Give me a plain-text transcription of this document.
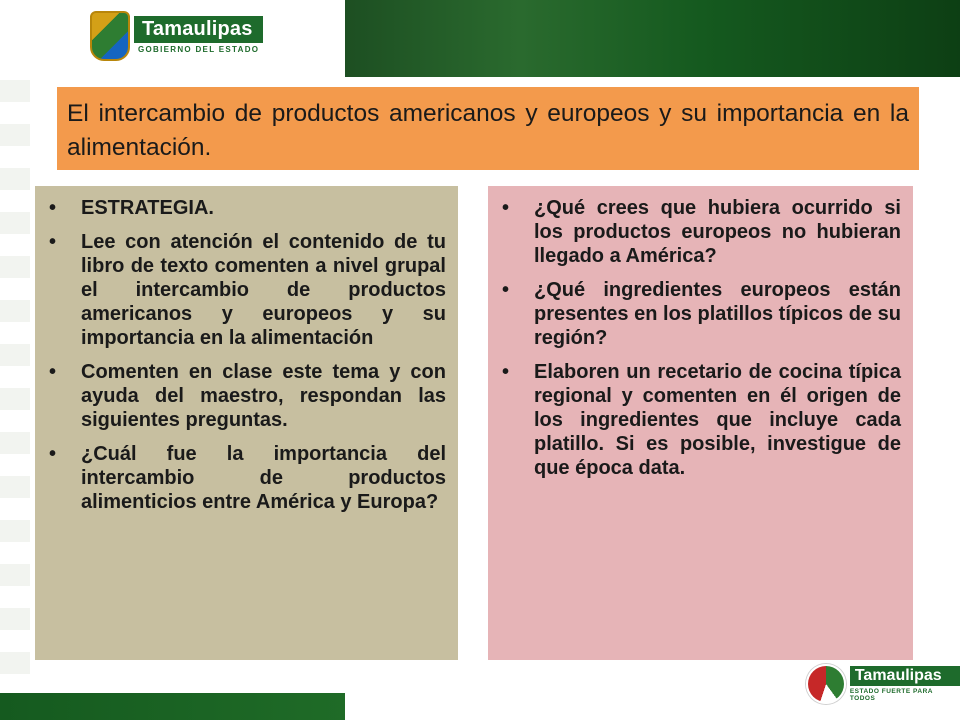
Tamaulipas
GOBIERNO DEL ESTADO

El intercambio de productos americanos y europeos y su importancia en la alimentación.

• ESTRATEGIA.
• Lee con atención el contenido de tu libro de texto comenten a nivel grupal el intercambio de productos americanos y europeos y su importancia en la alimentación
• Comenten en clase este tema y con ayuda del maestro, respondan las siguientes preguntas.
• ¿Cuál fue la importancia del intercambio de productos alimenticios entre América y Europa?
• ¿Qué crees que hubiera ocurrido si los productos europeos no hubieran llegado a América?
• ¿Qué ingredientes europeos están presentes en los platillos típicos de su región?
• Elaboren un recetario de cocina típica regional y comenten en él origen de los ingredientes que incluye cada platillo. Si es posible, investigue de que época data.
Tamaulipas
ESTADO FUERTE PARA TODOS
